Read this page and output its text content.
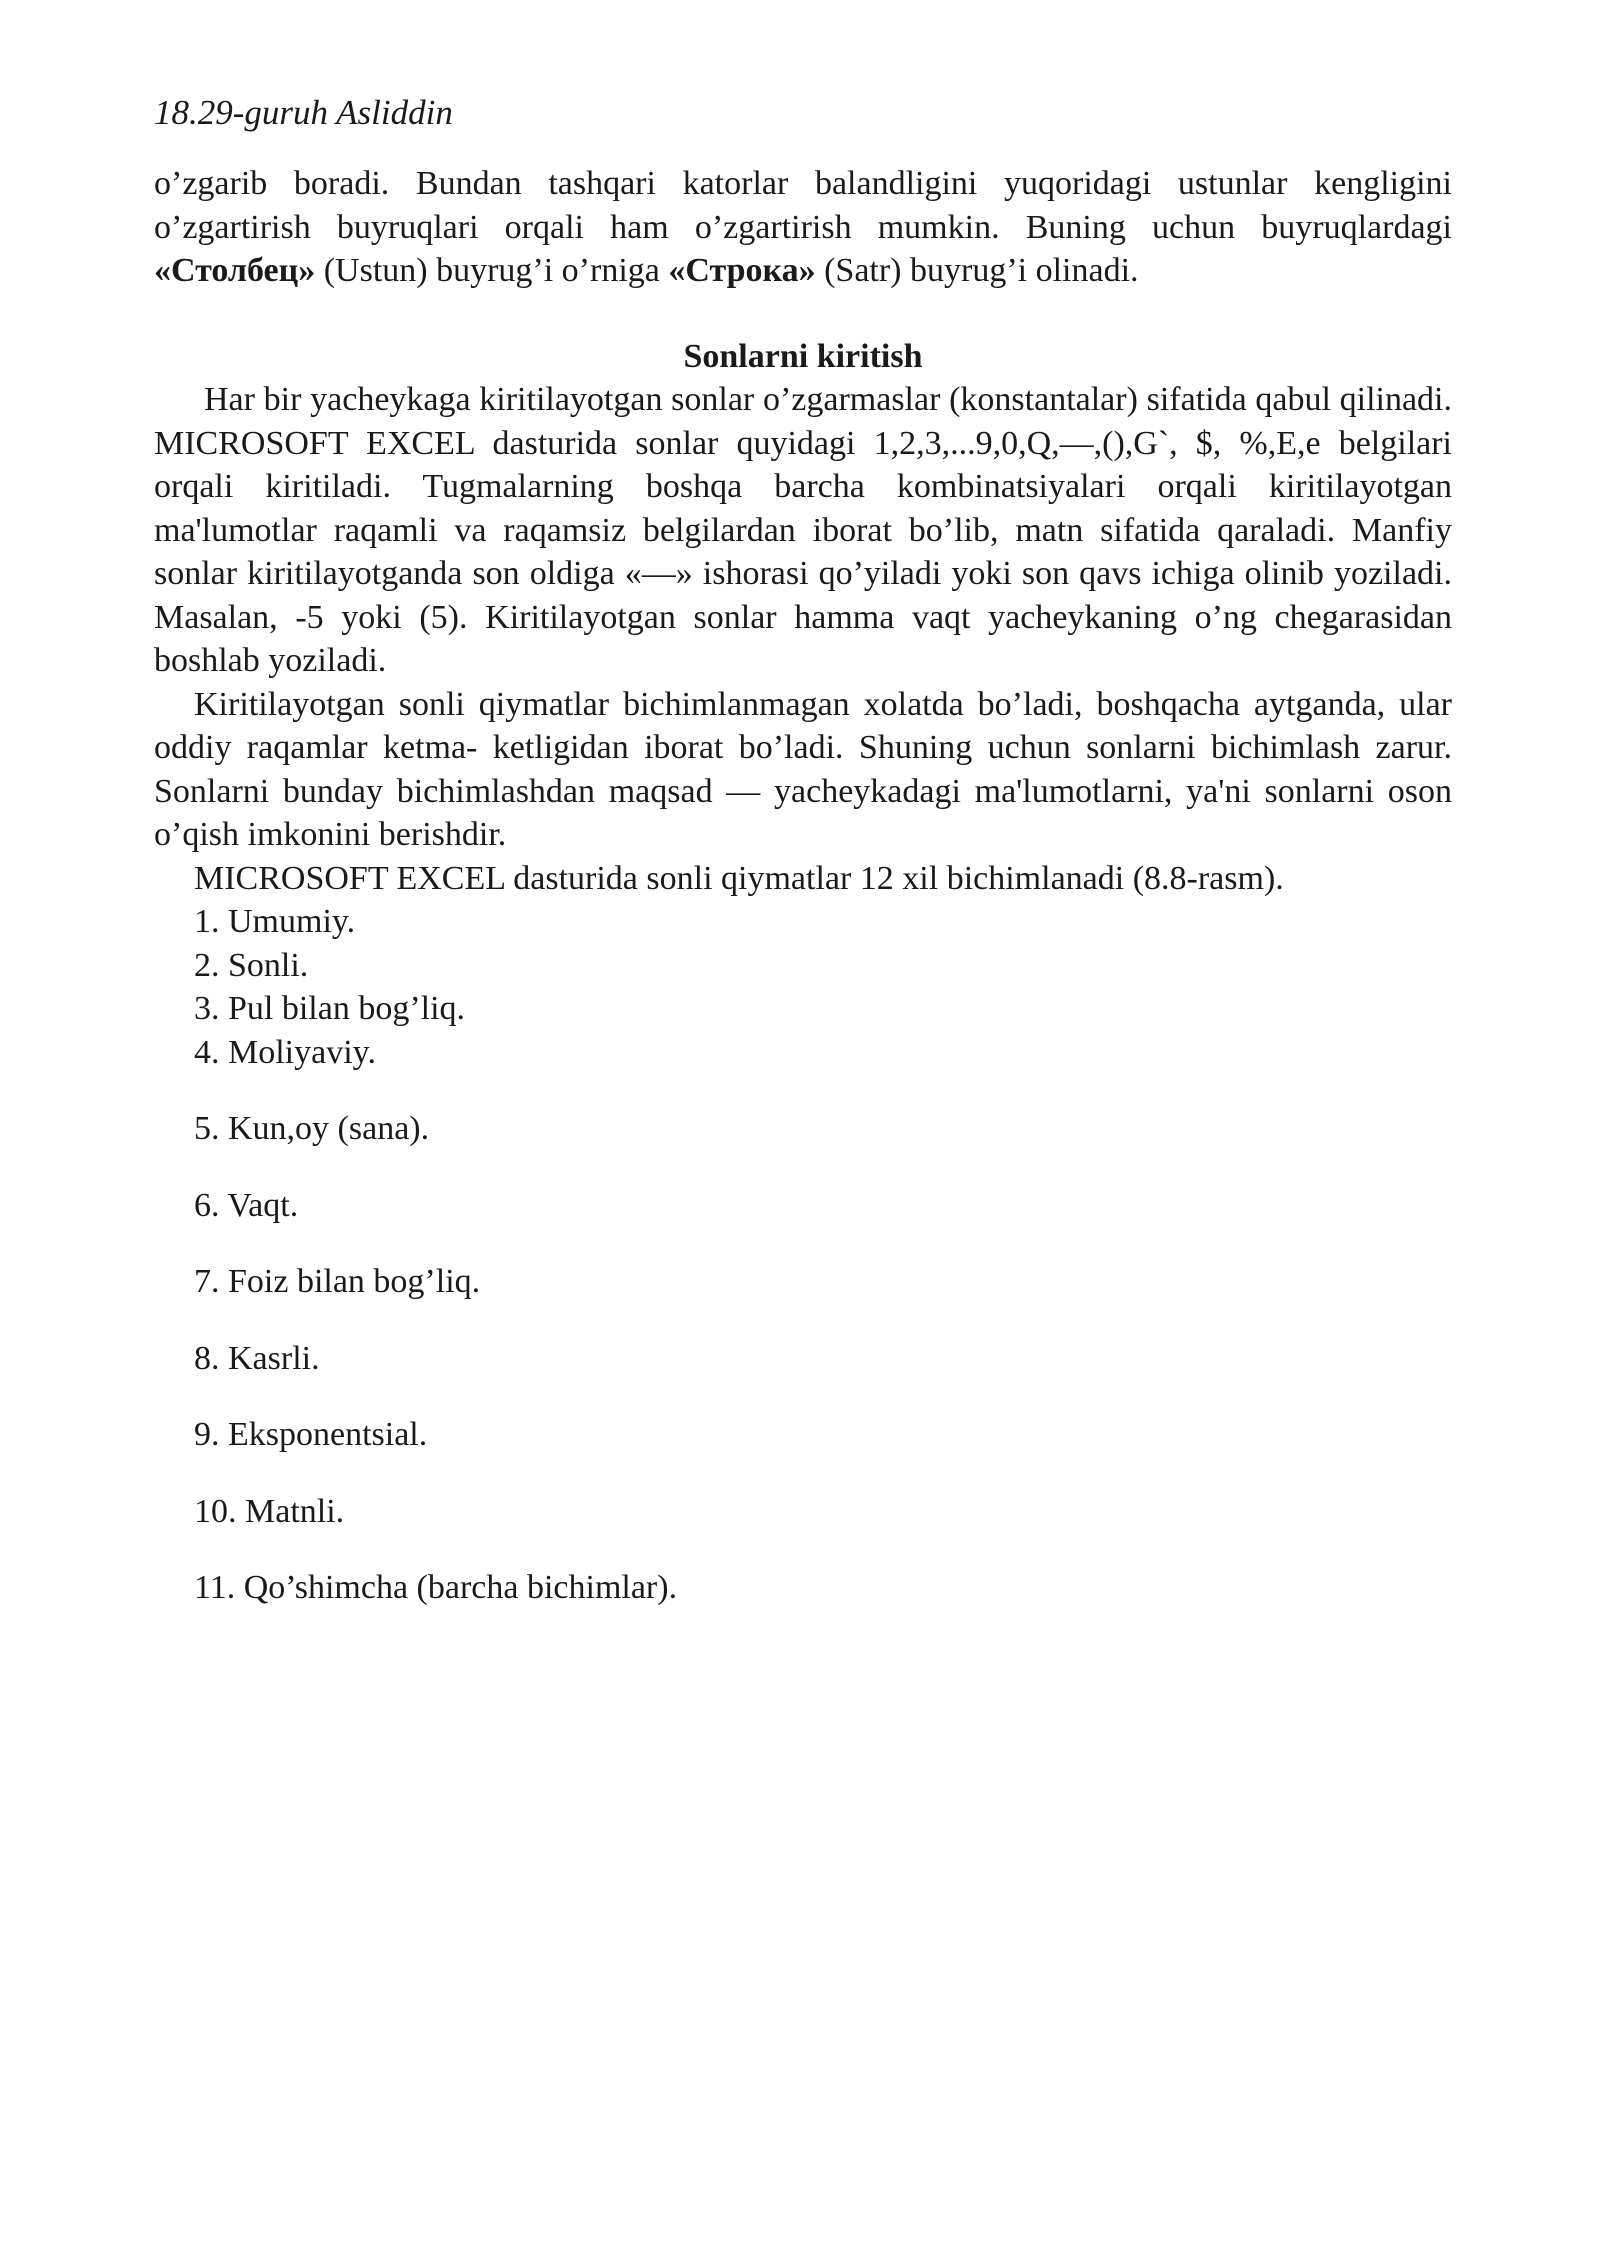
18.29-guruh Asliddin

o’zgarib boradi. Bundan tashqari katorlar balandligini yuqoridagi ustunlar kengligini o’zgartirish buyruqlari orqali ham o’zgartirish mumkin. Buning uchun buyruqlardagi «Столбец» (Ustun) buyrug’i o’rniga «Строка» (Satr) buyrug’i olinadi.

Sonlarni kiritish

Har bir yacheykaga kiritilayotgan sonlar o’zgarmaslar (konstantalar) sifatida qabul qilinadi. MICROSOFT EXCEL dasturida sonlar quyidagi 1,2,3,...9,0,Q,—,(),G`, $, %,E,e belgilari orqali kiritiladi. Tugmalarning boshqa barcha kombinatsiyalari orqali kiritilayotgan ma'lumotlar raqamli va raqamsiz belgilardan iborat bo’lib, matn sifatida qaraladi. Manfiy sonlar kiritilayotganda son oldiga «—» ishorasi qo’yiladi yoki son qavs ichiga olinib yoziladi. Masalan, -5 yoki (5). Kiritilayotgan sonlar hamma vaqt yacheykaning o’ng chegarasidan boshlab yoziladi.

Kiritilayotgan sonli qiymatlar bichimlanmagan xolatda bo’ladi, boshqacha aytganda, ular oddiy raqamlar ketma- ketligidan iborat bo’ladi. Shuning uchun sonlarni bichimlash zarur. Sonlarni bunday bichimlashdan maqsad — yacheykadagi ma'lumotlarni, ya'ni sonlarni oson o’qish imkonini berishdir.

MICROSOFT EXCEL dasturida sonli qiymatlar 12 xil bichimlanadi (8.8-rasm).

1. Umumiy.
2. Sonli.
3. Pul bilan bog’liq.
4. Moliyaviy.
5. Kun,oy (sana).
6. Vaqt.
7. Foiz bilan bog’liq.
8. Kasrli.
9. Eksponentsial.
10. Matnli.
11. Qo’shimcha (barcha bichimlar).
